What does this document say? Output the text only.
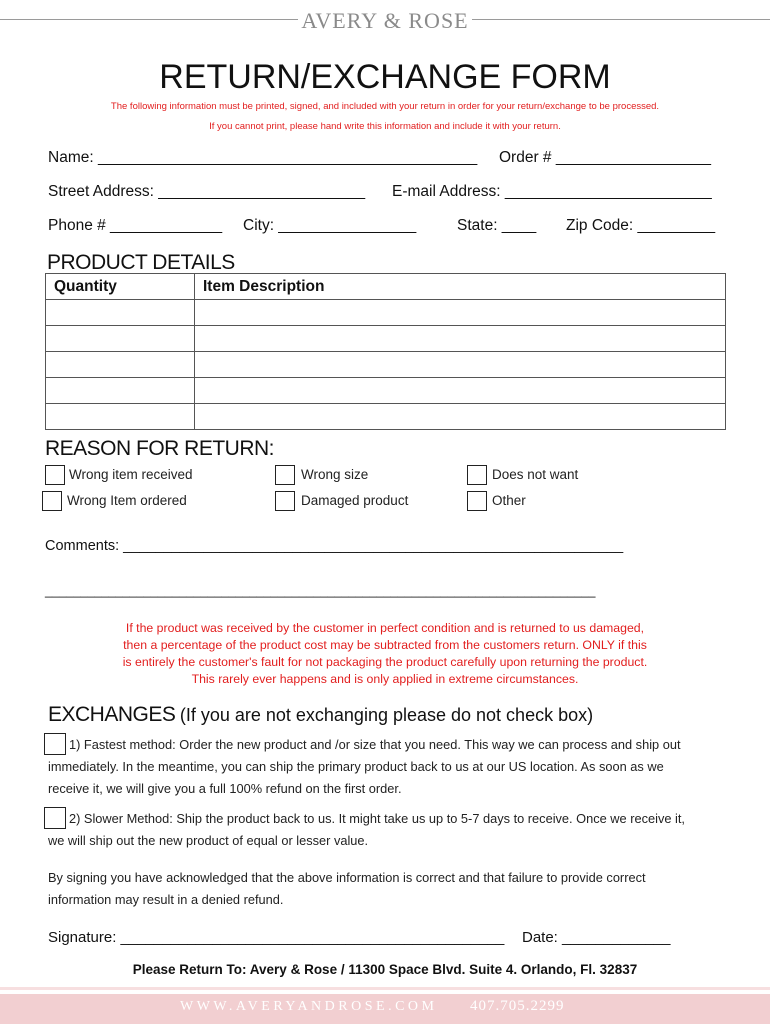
AVERY & ROSE
RETURN/EXCHANGE FORM
The following information must be printed, signed, and included with your return in order for your return/exchange to be processed.
If you cannot print, please hand write this information and include it with your return.
Name: ____________________________________________ Order # __________________
Street Address: ________________________ E-mail Address: ________________________
Phone # _____________ City: ________________	State: ____ Zip Code: _________
PRODUCT DETAILS
Quantity	Item Description

REASON FOR RETURN:
Wrong item received	Wrong size	Does not want
Wrong Item ordered	Damaged product	Other
Comments: ______________________________________________________________
______________________________________________________________________________
If the product was received by the customer in perfect condition and is returned to us damaged,
then a percentage of the product cost may be subtracted from the customers return. ONLY if this
is entirely the customer's fault for not packaging the product carefully upon returning the product.
This rarely ever happens and is only applied in extreme circumstances.
EXCHANGES (If you are not exchanging please do not check box)
1) Fastest method: Order the new product and /or size that you need. This way we can process and ship out
immediately. In the meantime, you can ship the primary product back to us at our US location. As soon as we
receive it, we will give you a full 100% refund on the first order.
2) Slower Method: Ship the product back to us. It might take us up to 5-7 days to receive. Once we receive it,
we will ship out the new product of equal or lesser value.
By signing you have acknowledged that the above information is correct and that failure to provide correct
information may result in a denied refund.
Signature: ______________________________________________ Date: _____________
Please Return To: Avery & Rose / 11300 Space Blvd. Suite 4. Orlando, Fl. 32837
WWW.AVERYANDROSE.COM 407.705.2299
